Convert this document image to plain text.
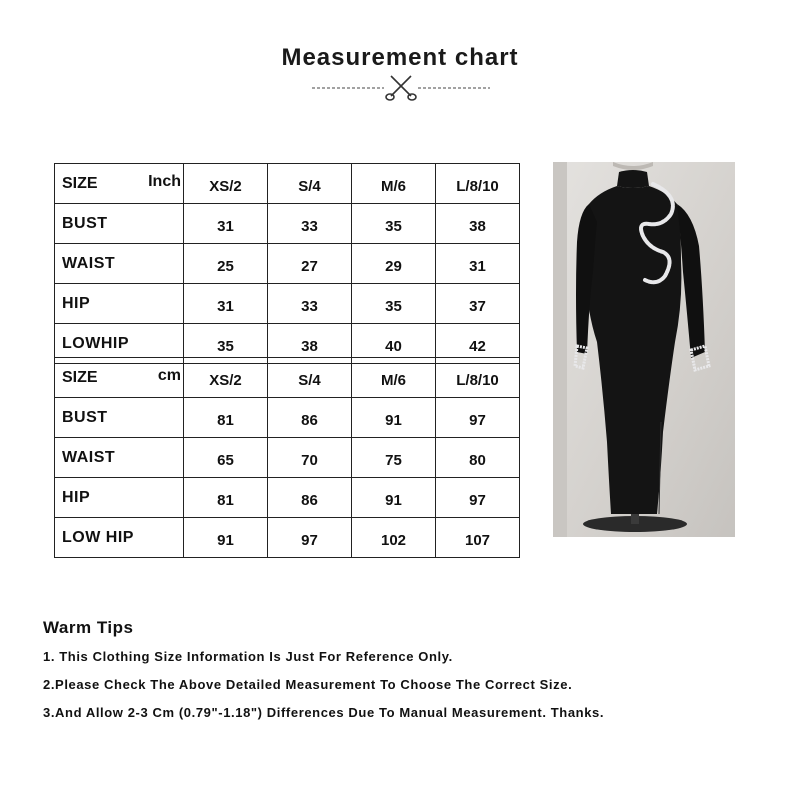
Measurement chart
SIZE Inch	XS/2	S/4	M/6	L/8/10
BUST	31	33	35	38
WAIST	25	27	29	31
HIP	31	33	35	37
LOWHIP	35	38	40	42
SIZE cm	XS/2	S/4	M/6	L/8/10
BUST	81	86	91	97
WAIST	65	70	75	80
HIP	81	86	91	97
LOW HIP	91	97	102	107
Warm Tips
1. This Clothing Size Information Is Just For Reference Only.
2.Please Check The Above Detailed Measurement To Choose The Correct Size.
3.And Allow 2-3 Cm (0.79"-1.18") Differences Due To Manual Measurement. Thanks.
